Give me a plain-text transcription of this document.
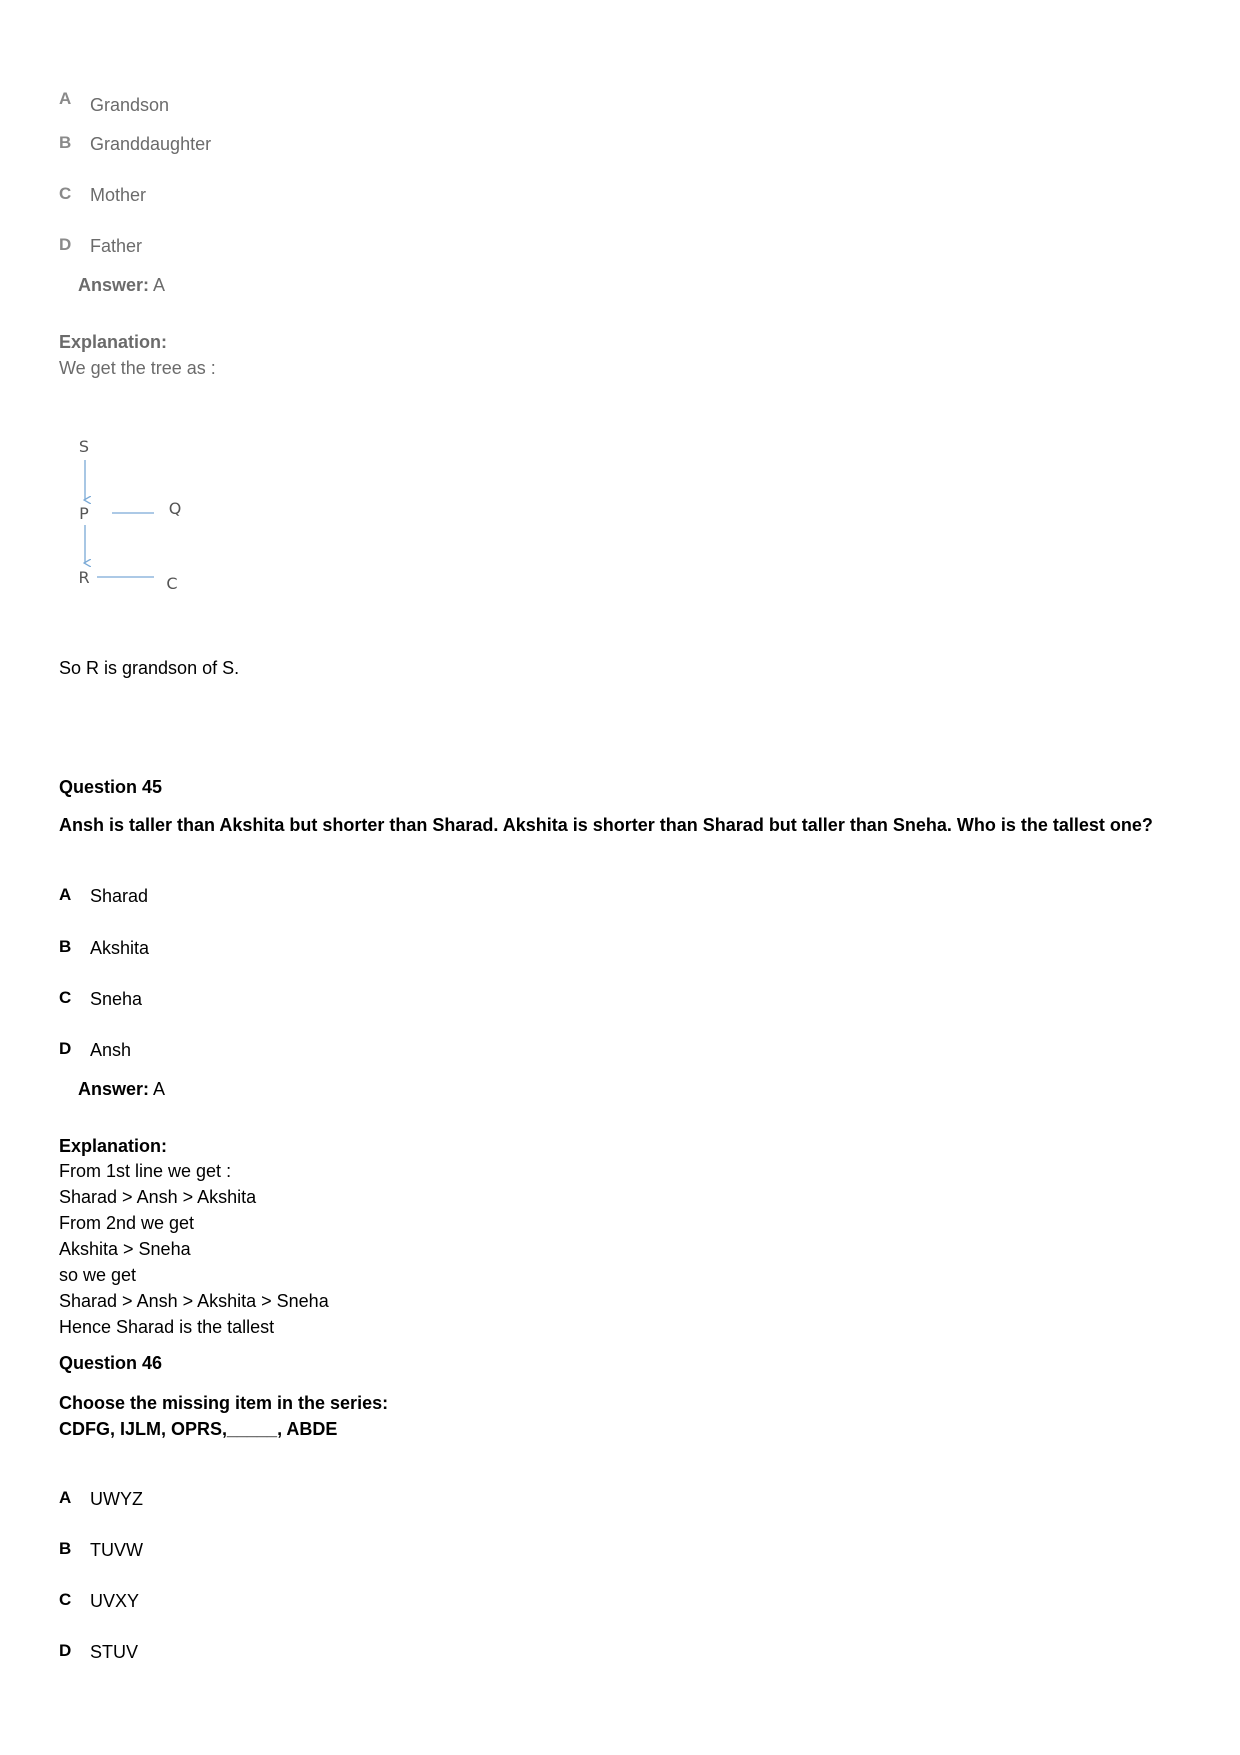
A Grandson
B Granddaughter
C Mother
D Father
Answer: A
Explanation:
We get the tree as :
S
P	Q
R	C
So R is grandson of S.
Question 45
Ansh is taller than Akshita but shorter than Sharad. Akshita is shorter than Sharad but taller than Sneha. Who is the tallest one?
A Sharad
B Akshita
C Sneha
D Ansh
Answer: A
Explanation:
From 1st line we get :
Sharad > Ansh > Akshita
From 2nd we get
Akshita > Sneha
so we get
Sharad > Ansh > Akshita > Sneha
Hence Sharad is the tallest
Question 46
Choose the missing item in the series:
CDFG, IJLM, OPRS,_____, ABDE
A UWYZ
B TUVW
C UVXY
D STUV
